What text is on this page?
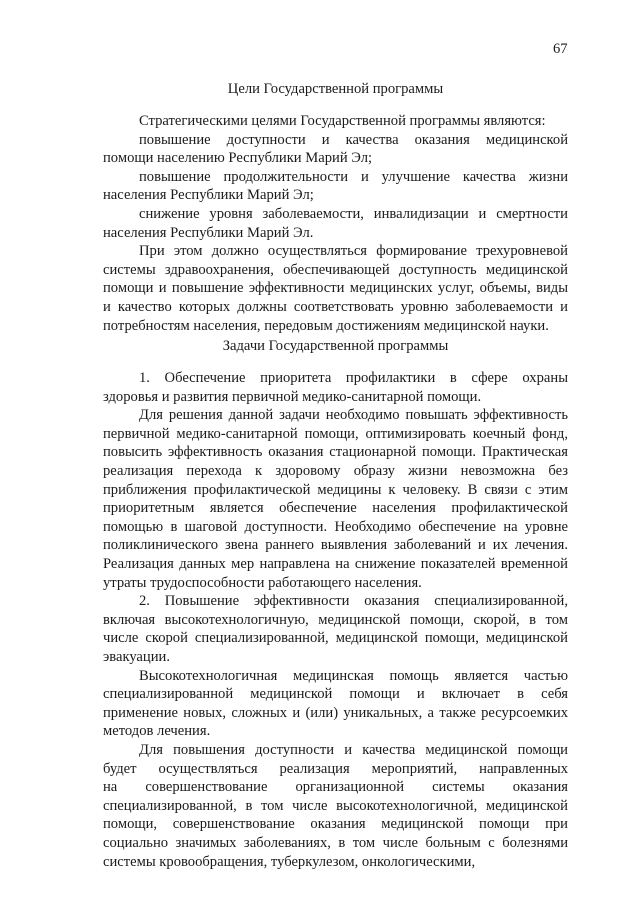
67
Цели Государственной программы
Стратегическими целями Государственной программы являются:
повышение доступности и качества оказания медицинской
помощи населению Республики Марий Эл;
повышение продолжительности и улучшение качества жизни
населения Республики Марий Эл;
снижение уровня заболеваемости, инвалидизации и смертности
населения Республики Марий Эл.
При этом должно осуществляться формирование трехуровневой
системы здравоохранения, обеспечивающей доступность медицинской
помощи и повышение эффективности медицинских услуг, объемы, виды
и качество которых должны соответствовать уровню заболеваемости и
потребностям населения, передовым достижениям медицинской науки.
Задачи Государственной программы
1. Обеспечение приоритета профилактики в сфере охраны
здоровья и развития первичной медико-санитарной помощи.
Для решения данной задачи необходимо повышать эффективность
первичной медико-санитарной помощи, оптимизировать коечный фонд,
повысить эффективность оказания стационарной помощи. Практическая
реализация перехода к здоровому образу жизни невозможна без
приближения профилактической медицины к человеку. В связи с этим
приоритетным является обеспечение населения профилактической
помощью в шаговой доступности. Необходимо обеспечение на уровне
поликлинического звена раннего выявления заболеваний и их лечения.
Реализация данных мер направлена на снижение показателей временной
утраты трудоспособности работающего населения.
2. Повышение эффективности оказания специализированной,
включая высокотехнологичную, медицинской помощи, скорой, в том
числе скорой специализированной, медицинской помощи, медицинской
эвакуации.
Высокотехнологичная медицинская помощь является частью
специализированной медицинской помощи и включает в себя
применение новых, сложных и (или) уникальных, а также ресурсоемких
методов лечения.
Для повышения доступности и качества медицинской помощи
будет осуществляться реализация мероприятий, направленных
на совершенствование организационной системы оказания
специализированной, в том числе высокотехнологичной, медицинской
помощи, совершенствование оказания медицинской помощи при
социально значимых заболеваниях, в том числе больным с болезнями
системы кровообращения, туберкулезом, онкологическими,
